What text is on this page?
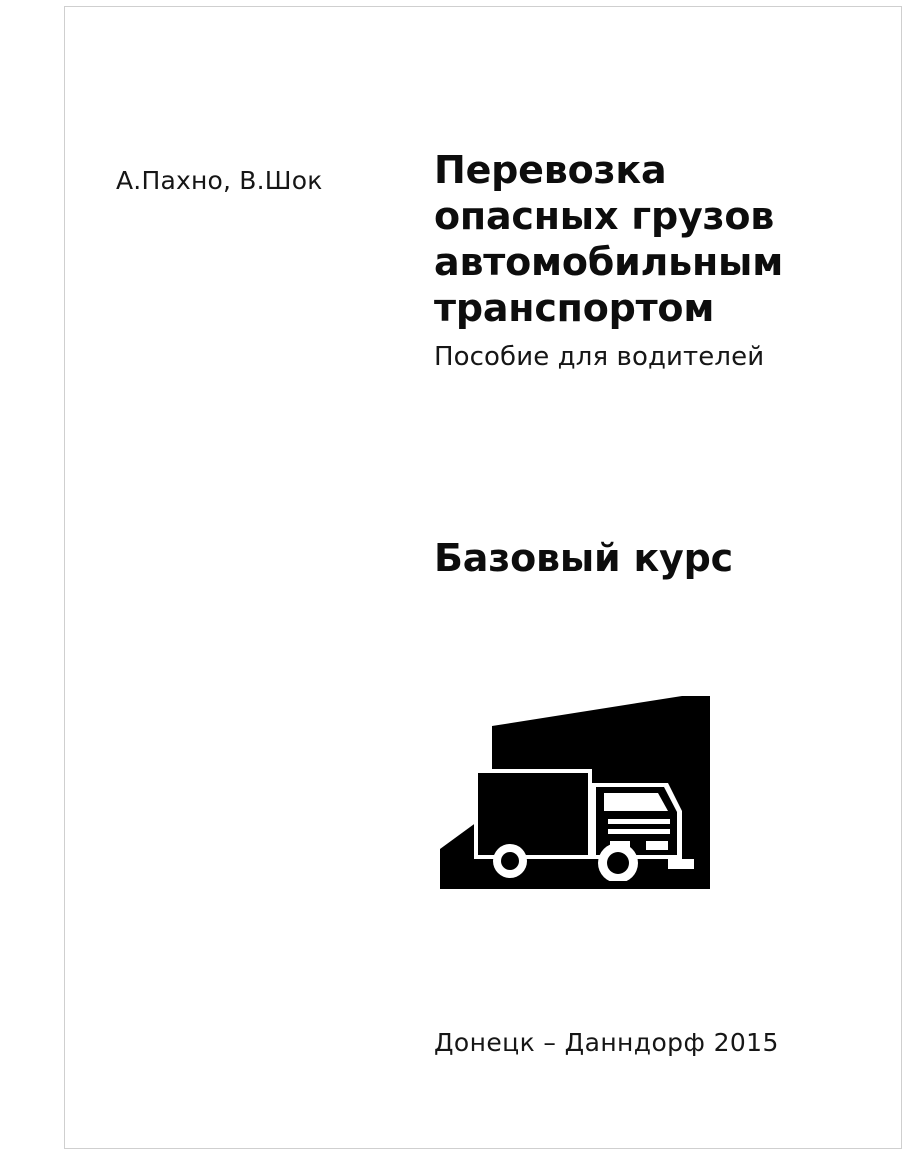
А.Пахно, В.Шок	Перевозка
опасных грузов
автомобильным
транспортом
Пособие для водителей
Базовый курс
Донецк – Данндорф 2015
